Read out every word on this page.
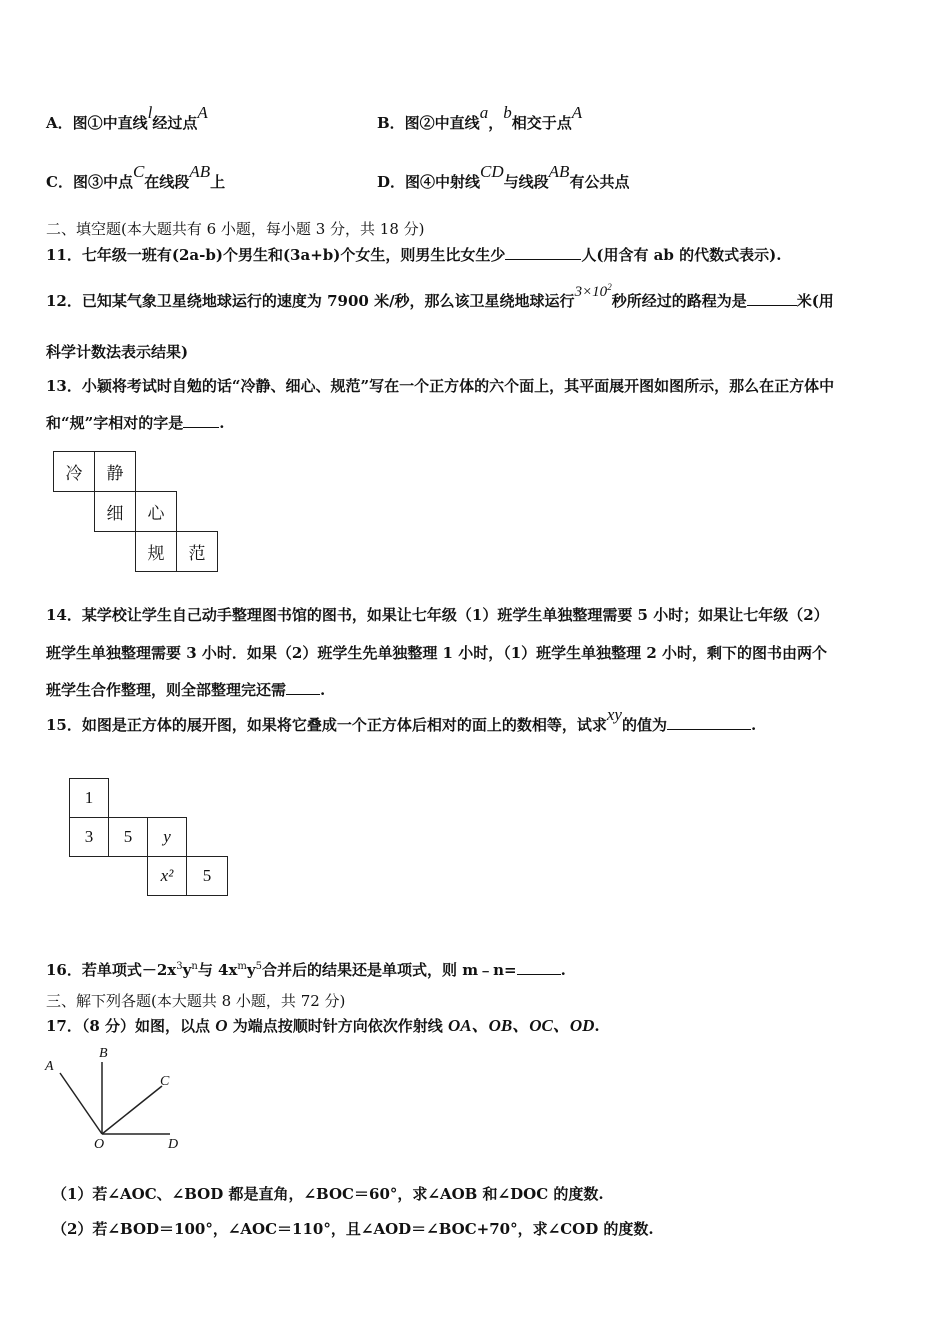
A．图①中直线l经过点A
B．图②中直线a，b相交于点A
C．图③中点C在线段AB上	D．图④中射线CD与线段AB有公共点
二、填空题(本大题共有 6 小题，每小题 3 分，共 18 分)
11．七年级一班有(2a-b)个男生和(3a+b)个女生，则男生比女生少	人(用含有 ab 的代数式表示).
12．已知某气象卫星绕地球运行的速度为 7900 米/秒，那么该卫星绕地球运行$3\times 10^2$秒所经过的路程为是	米(用
科学计数法表示结果)
13．小颖将考试时自勉的话“冷静、细心、规范”写在一个正方体的六个面上，其平面展开图如图所示，那么在正方体中
和“规”字相对的字是 .
冷	静
细	心
规	范
14．某学校让学生自己动手整理图书馆的图书，如果让七年级（1）班学生单独整理需要 5 小时；如果让七年级（2）
班学生单独整理需要 3 小时．如果（2）班学生先单独整理 1 小时，（1）班学生单独整理 2 小时，剩下的图书由两个
班学生合作整理，则全部整理完还需 .
15．如图是正方体的展开图，如果将它叠成一个正方体后相对的面上的数相等，试求xy的值为	.
1
3	5	y
x²	5
16．若单项式$-2x^3y^n$与 $4x^my^5$合并后的结果还是单项式，则 m﹣n=	.
三、解下列各题(本大题共 8 小题，共 72 分)
17．（8 分）如图，以点 O 为端点按顺时针方向依次作射线 OA、OB、OC、OD.
A
B
C
O	D
（1）若∠AOC、∠BOD 都是直角，∠BOC＝60°，求∠AOB 和∠DOC 的度数.
（2）若∠BOD＝100°，∠AOC＝110°，且∠AOD＝∠BOC+70°，求∠COD 的度数.
